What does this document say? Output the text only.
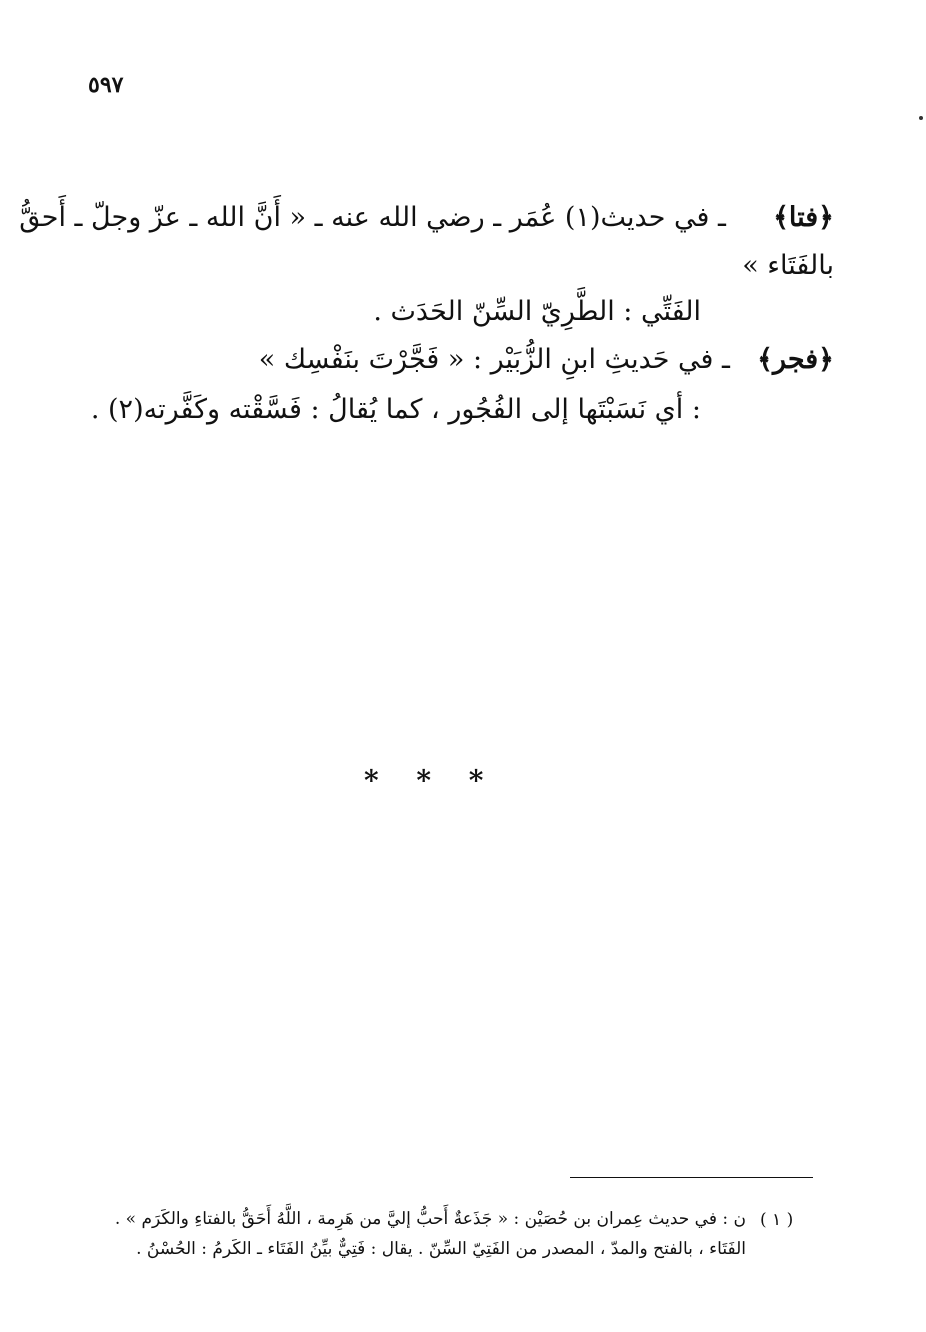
٥٩٧
﴿فتا﴾  ـ في حديث(١) عُمَر ـ رضي الله عنه ـ « أَنَّ الله ـ عزّ وجلّ ـ أَحقُّ
بالفَتَاء »
الفَتِّي : الطَّرِيّ السِّنّ الحَدَث .
﴿فجر﴾  ـ في حَديثِ ابنِ الزُّبَيْر : « فَجَّرْتَ بنَفْسِك »
: أي نَسَبْتَها إلى الفُجُور ، كما يُقالُ : فَسَّقْته وكَفَّرته(٢) .
* * *
( ١ )
ن : في حديث عِمران بن حُصَيْن : « جَذَعةٌ أَحبُّ إليَّ من هَرِمة ، اللَّهُ أَحَقُّ بالفتاءِ والكَرَم » .
الفَتَاء ، بالفتح والمدّ ، المصدر من الفَتِيّ السِّنّ . يقال : فَتِيٌّ بيِّنُ الفَتَاء ـ الكَرمُ : الحُسْنُ .
